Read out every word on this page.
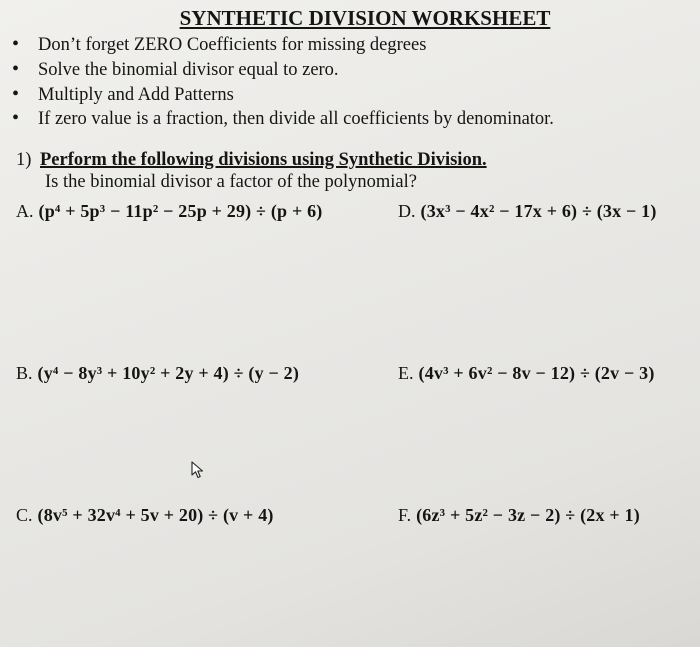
SYNTHETIC DIVISION WORKSHEET
•	Don’t forget ZERO Coefficients for missing degrees
•	Solve the binomial divisor equal to zero.
•	Multiply and Add Patterns
•	If zero value is a fraction, then divide all coefficients by denominator.
1) Perform the following divisions using Synthetic Division.
Is the binomial divisor a factor of the polynomial?
A. (p⁴ + 5p³ − 11p² − 25p + 29) ÷ (p + 6)	D. (3x³ − 4x² − 17x + 6) ÷ (3x − 1)
B. (y⁴ − 8y³ + 10y² + 2y + 4) ÷ (y − 2)	E. (4v³ + 6v² − 8v − 12) ÷ (2v − 3)
C. (8v⁵ + 32v⁴ + 5v + 20) ÷ (v + 4)	F. (6z³ + 5z² − 3z − 2) ÷ (2x + 1)
